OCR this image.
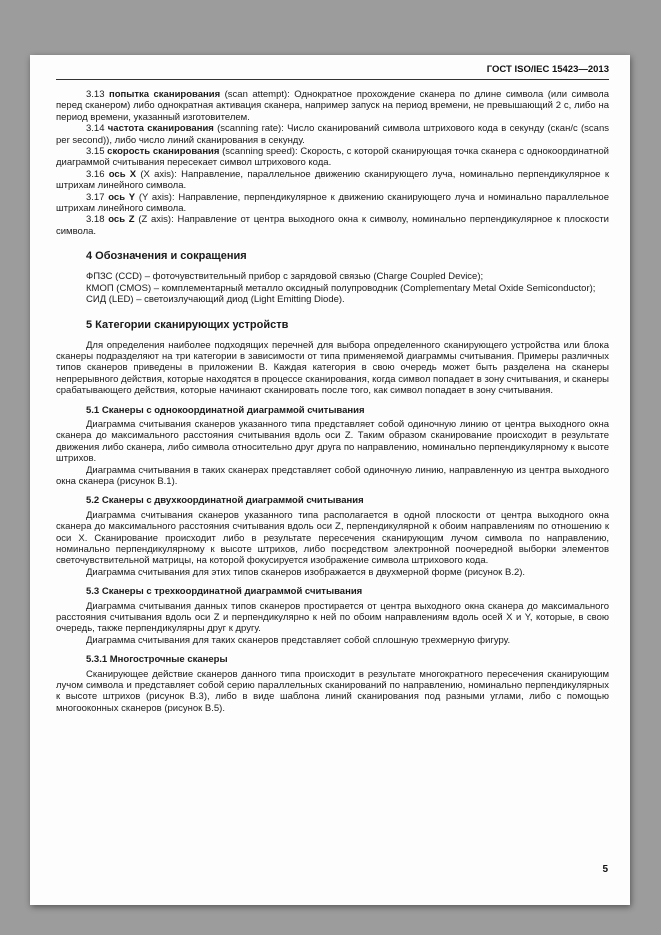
ГОСТ ISO/IEC 15423—2013

3.13 попытка сканирования (scan attempt): Однократное прохождение сканера по длине символа (или символа перед сканером) либо однократная активация сканера, например запуск на период времени, не превышающий 2 с, либо на период времени, указанный изготовителем.

3.14 частота сканирования (scanning rate): Число сканирований символа штрихового кода в секунду (скан/с (scans per second)), либо число линий сканирования в секунду.

3.15 скорость сканирования (scanning speed): Скорость, с которой сканирующая точка сканера с однокоординатной диаграммой считывания пересекает символ штрихового кода.

3.16 ось X (X axis): Направление, параллельное движению сканирующего луча, номинально перпендикулярное к штрихам линейного символа.

3.17 ось Y (Y axis): Направление, перпендикулярное к движению сканирующего луча и номинально параллельное штрихам линейного символа.

3.18 ось Z (Z axis): Направление от центра выходного окна к символу, номинально перпендикулярное к плоскости символа.

4 Обозначения и сокращения

ФПЗС (CCD) – фоточувствительный прибор с зарядовой связью (Charge Coupled Device);

КМОП (CMOS) – комплементарный металло оксидный полупроводник (Complementary Metal Oxide Semiconductor);

СИД (LED) – светоизлучающий диод (Light Emitting Diode).

5 Категории сканирующих устройств

Для определения наиболее подходящих перечней для выбора определенного сканирующего устройства или блока сканеры подразделяют на три категории в зависимости от типа применяемой диаграммы считывания. Примеры различных типов сканеров приведены в приложении B. Каждая категория в свою очередь может быть разделена на сканеры непрерывного действия, которые находятся в процессе сканирования, когда символ попадает в зону считывания, и сканеры срабатывающего действия, которые начинают сканировать после того, как символ попадает в зону считывания.

5.1 Сканеры с однокоординатной диаграммой считывания

Диаграмма считывания сканеров указанного типа представляет собой одиночную линию от центра выходного окна сканера до максимального расстояния считывания вдоль оси Z. Таким образом сканирование происходит в результате движения либо сканера, либо символа относительно друг друга по направлению, номинально перпендикулярному к высоте штрихов.

Диаграмма считывания в таких сканерах представляет собой одиночную линию, направленную из центра выходного окна сканера (рисунок B.1).

5.2 Сканеры с двухкоординатной диаграммой считывания

Диаграмма считывания сканеров указанного типа располагается в одной плоскости от центра выходного окна сканера до максимального расстояния считывания вдоль оси Z, перпендикулярной к обоим направлениям по отношению к оси X. Сканирование происходит либо в результате пересечения сканирующим лучом символа по направлению, номинально перпендикулярному к высоте штрихов, либо посредством электронной поочередной выборки элементов светочувствительной матрицы, на которой фокусируется изображение символа штрихового кода.

Диаграмма считывания для этих типов сканеров изображается в двухмерной форме (рисунок B.2).

5.3 Сканеры с трехкоординатной диаграммой считывания

Диаграмма считывания данных типов сканеров простирается от центра выходного окна сканера до максимального расстояния считывания вдоль оси Z и перпендикулярно к ней по обоим направлениям вдоль осей X и Y, которые, в свою очередь, также перпендикулярны друг к другу.

Диаграмма считывания для таких сканеров представляет собой сплошную трехмерную фигуру.

5.3.1 Многострочные сканеры

Сканирующее действие сканеров данного типа происходит в результате многократного пересечения сканирующим лучом символа и представляет собой серию параллельных сканирований по направлению, номинально перпендикулярных к высоте штрихов (рисунок B.3), либо в виде шаблона линий сканирования под разными углами, либо с помощью многооконных сканеров (рисунок B.5).

5
